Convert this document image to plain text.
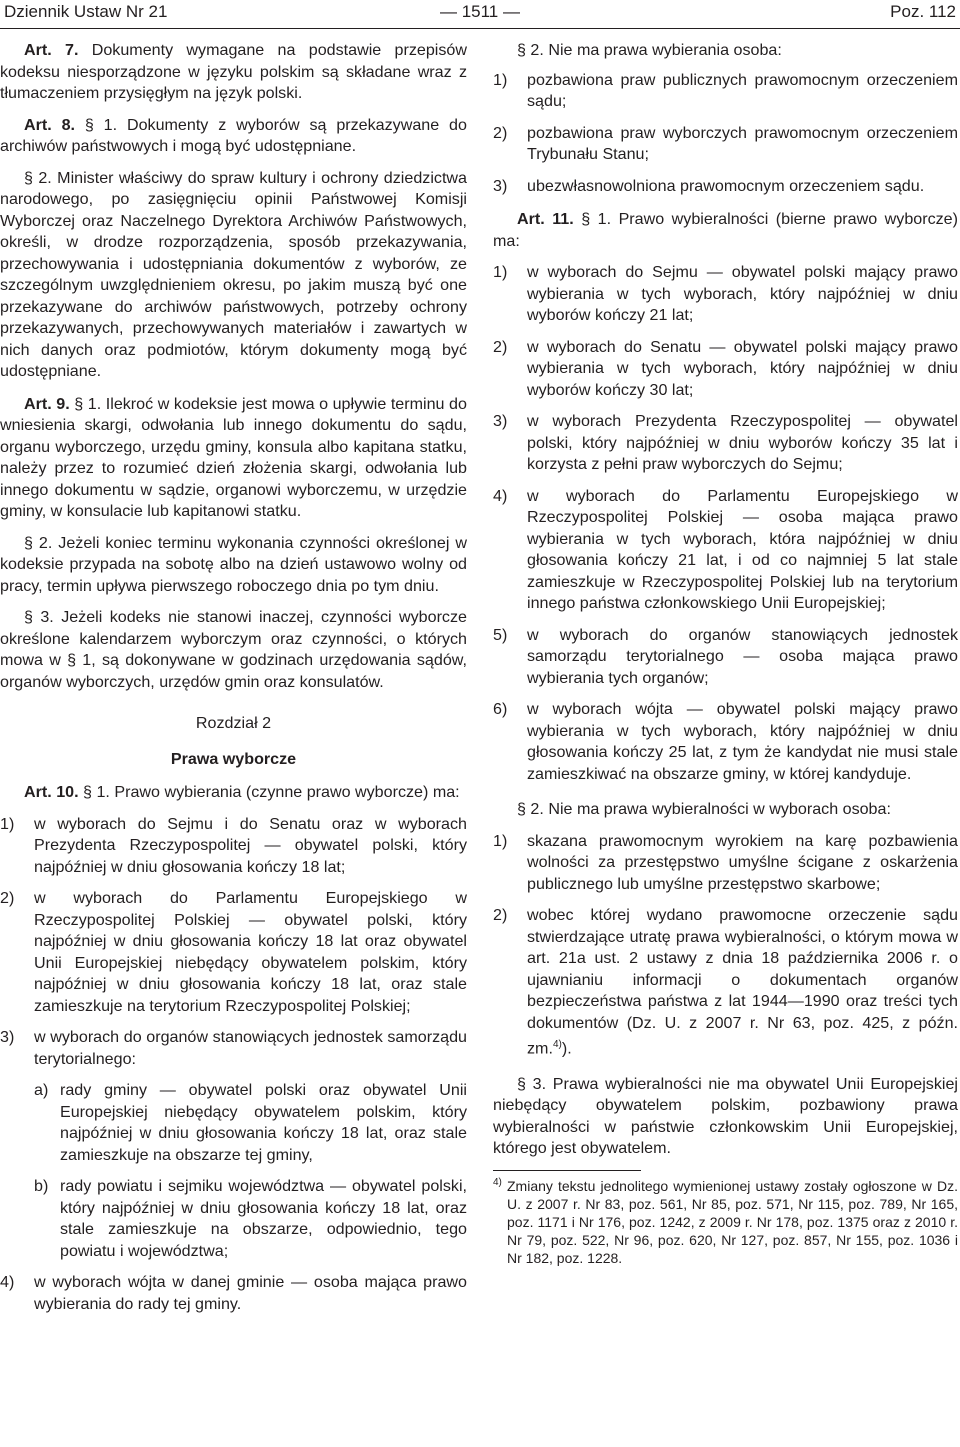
Dziennik Ustaw Nr 21	— 1511 —	Poz. 112

Art. 7. Dokumenty wymagane na podstawie przepisów kodeksu niesporządzone w języku polskim są składane wraz z tłumaczeniem przysięgłym na język polski.

Art. 8. § 1. Dokumenty z wyborów są przekazywane do archiwów państwowych i mogą być udostępniane.

§ 2. Minister właściwy do spraw kultury i ochrony dziedzictwa narodowego, po zasięgnięciu opinii Państwowej Komisji Wyborczej oraz Naczelnego Dyrektora Archiwów Państwowych, określi, w drodze rozporządzenia, sposób przekazywania, przechowywania i udostępniania dokumentów z wyborów, ze szczególnym uwzględnieniem okresu, po jakim muszą być one przekazywane do archiwów państwowych, potrzeby ochrony przekazywanych, przechowywanych materiałów i zawartych w nich danych oraz podmiotów, którym dokumenty mogą być udostępniane.

Art. 9. § 1. Ilekroć w kodeksie jest mowa o upływie terminu do wniesienia skargi, odwołania lub innego dokumentu do sądu, organu wyborczego, urzędu gminy, konsula albo kapitana statku, należy przez to rozumieć dzień złożenia skargi, odwołania lub innego dokumentu w sądzie, organowi wyborczemu, w urzędzie gminy, w konsulacie lub kapitanowi statku.

§ 2. Jeżeli koniec terminu wykonania czynności określonej w kodeksie przypada na sobotę albo na dzień ustawowo wolny od pracy, termin upływa pierwszego roboczego dnia po tym dniu.

§ 3. Jeżeli kodeks nie stanowi inaczej, czynności wyborcze określone kalendarzem wyborczym oraz czynności, o których mowa w § 1, są dokonywane w godzinach urzędowania sądów, organów wyborczych, urzędów gmin oraz konsulatów.

Rozdział 2

Prawa wyborcze

Art. 10. § 1. Prawo wybierania (czynne prawo wyborcze) ma:

1)	w wyborach do Sejmu i do Senatu oraz w wyborach Prezydenta Rzeczypospolitej — obywatel polski, który najpóźniej w dniu głosowania kończy 18 lat;
2)	w wyborach do Parlamentu Europejskiego w Rzeczypospolitej Polskiej — obywatel polski, który najpóźniej w dniu głosowania kończy 18 lat oraz obywatel Unii Europejskiej niebędący obywatelem polskim, który najpóźniej w dniu głosowania kończy 18 lat, oraz stale zamieszkuje na terytorium Rzeczypospolitej Polskiej;
3)	w wyborach do organów stanowiących jednostek samorządu terytorialnego:
a) rady gminy — obywatel polski oraz obywatel Unii Europejskiej niebędący obywatelem polskim, który najpóźniej w dniu głosowania kończy 18 lat, oraz stale zamieszkuje na obszarze tej gminy,
b) rady powiatu i sejmiku województwa — obywatel polski, który najpóźniej w dniu głosowania kończy 18 lat, oraz stale zamieszkuje na obszarze, odpowiednio, tego powiatu i województwa;
4)	w wyborach wójta w danej gminie — osoba mająca prawo wybierania do rady tej gminy.

§ 2. Nie ma prawa wybierania osoba:

1)	pozbawiona praw publicznych prawomocnym orzeczeniem sądu;
2)	pozbawiona praw wyborczych prawomocnym orzeczeniem Trybunału Stanu;
3)	ubezwłasnowolniona prawomocnym orzeczeniem sądu.

Art. 11. § 1. Prawo wybieralności (bierne prawo wyborcze) ma:

1)	w wyborach do Sejmu — obywatel polski mający prawo wybierania w tych wyborach, który najpóźniej w dniu wyborów kończy 21 lat;
2)	w wyborach do Senatu — obywatel polski mający prawo wybierania w tych wyborach, który najpóźniej w dniu wyborów kończy 30 lat;
3)	w wyborach Prezydenta Rzeczypospolitej — obywatel polski, który najpóźniej w dniu wyborów kończy 35 lat i korzysta z pełni praw wyborczych do Sejmu;
4)	w wyborach do Parlamentu Europejskiego w Rzeczypospolitej Polskiej — osoba mająca prawo wybierania w tych wyborach, która najpóźniej w dniu głosowania kończy 21 lat, i od co najmniej 5 lat stale zamieszkuje w Rzeczypospolitej Polskiej lub na terytorium innego państwa członkowskiego Unii Europejskiej;
5)	w wyborach do organów stanowiących jednostek samorządu terytorialnego — osoba mająca prawo wybierania tych organów;
6)	w wyborach wójta — obywatel polski mający prawo wybierania w tych wyborach, który najpóźniej w dniu głosowania kończy 25 lat, z tym że kandydat nie musi stale zamieszkiwać na obszarze gminy, w której kandyduje.

§ 2. Nie ma prawa wybieralności w wyborach osoba:

1)	skazana prawomocnym wyrokiem na karę pozbawienia wolności za przestępstwo umyślne ścigane z oskarżenia publicznego lub umyślne przestępstwo skarbowe;
2)	wobec której wydano prawomocne orzeczenie sądu stwierdzające utratę prawa wybieralności, o którym mowa w art. 21a ust. 2 ustawy z dnia 18 października 2006 r. o ujawnianiu informacji o dokumentach organów bezpieczeństwa państwa z lat 1944—1990 oraz treści tych dokumentów (Dz. U. z 2007 r. Nr 63, poz. 425, z późn. zm.$^{4)}$).

§ 3. Prawa wybieralności nie ma obywatel Unii Europejskiej niebędący obywatelem polskim, pozbawiony prawa wybieralności w państwie członkowskim Unii Europejskiej, którego jest obywatelem.

4) Zmiany tekstu jednolitego wymienionej ustawy zostały ogłoszone w Dz. U. z 2007 r. Nr 83, poz. 561, Nr 85, poz. 571, Nr 115, poz. 789, Nr 165, poz. 1171 i Nr 176, poz. 1242, z 2009 r. Nr 178, poz. 1375 oraz z 2010 r. Nr 79, poz. 522, Nr 96, poz. 620, Nr 127, poz. 857, Nr 155, poz. 1036 i Nr 182, poz. 1228.
